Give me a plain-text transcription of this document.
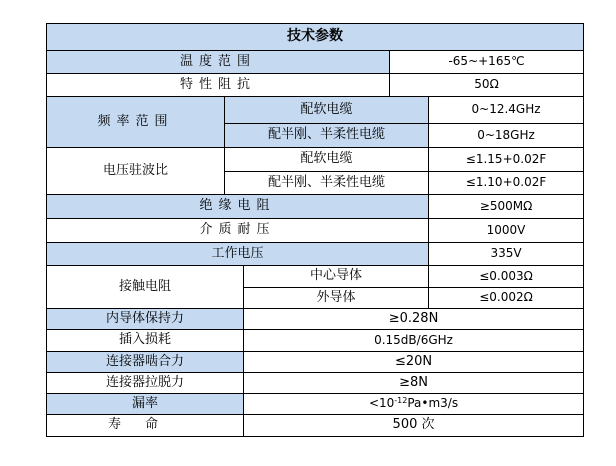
技术参数				
温度范围			-65~+165℃	
特性阻抗			50Ω	
频率范围	配软电缆			0~12.4GHz
	配半刚、半柔性电缆			0~18GHz
电压驻波比	配软电缆			≤1.15+0.02F
	配半刚、半柔性电缆			≤1.10+0.02F
绝缘电阻				≥500MΩ
介质耐压				1000V
工作电压				335V
接触电阻		中心导体		≤0.003Ω
		外导体		≤0.002Ω
内导体保持力		≥0.28N		
插入损耗		0.15dB/6GHz		
连接器啮合力		≤20N		
连接器拉脱力		≥8N		
漏率		$<10^{-12}Pa•m3/s$		
寿命		500 次		
